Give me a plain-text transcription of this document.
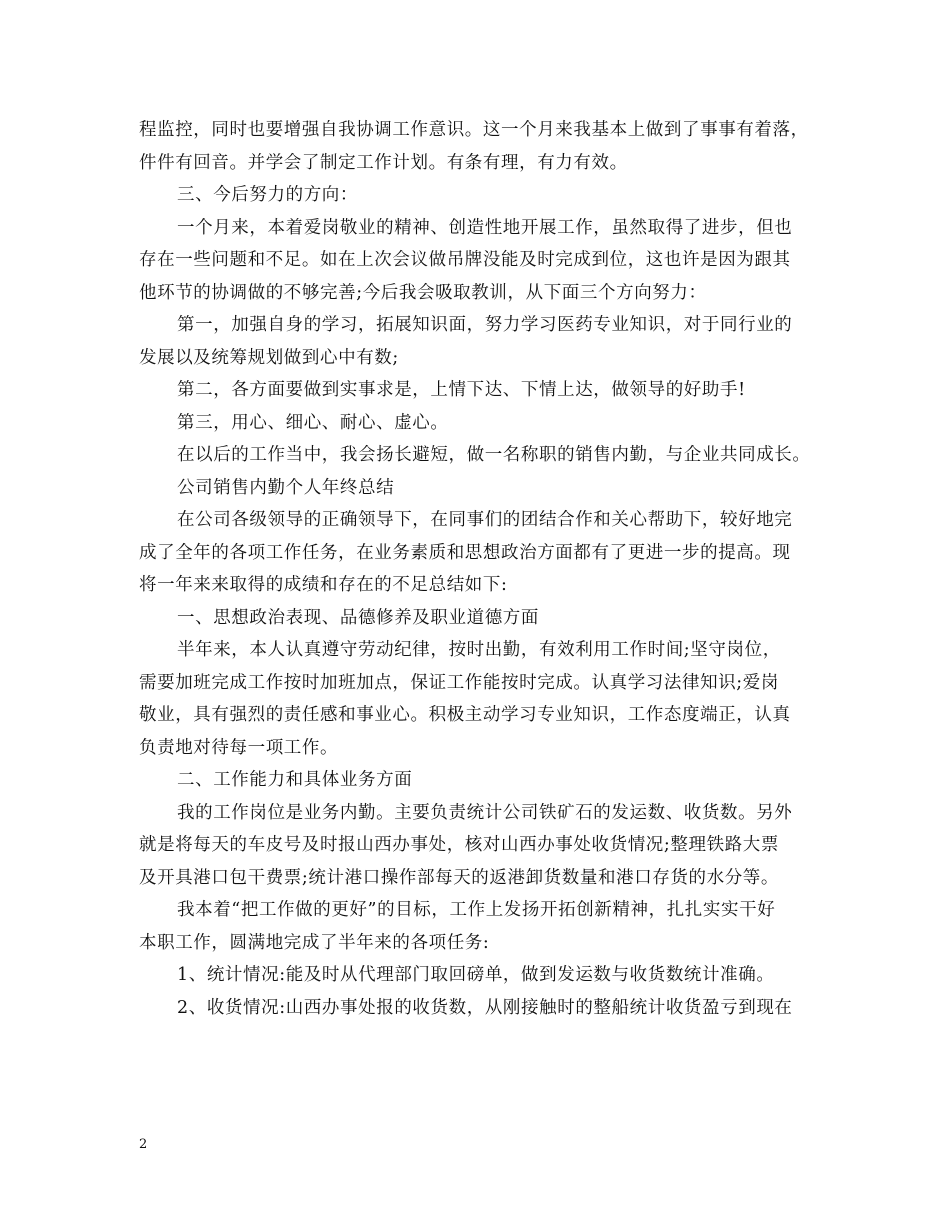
程监控，同时也要增强自我协调工作意识。这一个月来我基本上做到了事事有着落，
件件有回音。并学会了制定工作计划。有条有理，有力有效。
三、今后努力的方向：
一个月来，本着爱岗敬业的精神、创造性地开展工作，虽然取得了进步，但也
存在一些问题和不足。如在上次会议做吊牌没能及时完成到位，这也许是因为跟其
他环节的协调做的不够完善;今后我会吸取教训，从下面三个方向努力：
第一，加强自身的学习，拓展知识面，努力学习医药专业知识，对于同行业的
发展以及统筹规划做到心中有数;
第二，各方面要做到实事求是，上情下达、下情上达，做领导的好助手!
第三，用心、细心、耐心、虚心。
在以后的工作当中，我会扬长避短，做一名称职的销售内勤，与企业共同成长。
公司销售内勤个人年终总结
在公司各级领导的正确领导下，在同事们的团结合作和关心帮助下，较好地完
成了全年的各项工作任务，在业务素质和思想政治方面都有了更进一步的提高。现
将一年来来取得的成绩和存在的不足总结如下:
一、思想政治表现、品德修养及职业道德方面
半年来，本人认真遵守劳动纪律，按时出勤，有效利用工作时间;坚守岗位，
需要加班完成工作按时加班加点，保证工作能按时完成。认真学习法律知识;爱岗
敬业，具有强烈的责任感和事业心。积极主动学习专业知识，工作态度端正，认真
负责地对待每一项工作。
二、工作能力和具体业务方面
我的工作岗位是业务内勤。主要负责统计公司铁矿石的发运数、收货数。另外
就是将每天的车皮号及时报山西办事处，核对山西办事处收货情况;整理铁路大票
及开具港口包干费票;统计港口操作部每天的返港卸货数量和港口存货的水分等。
我本着“把工作做的更好”的目标，工作上发扬开拓创新精神，扎扎实实干好
本职工作，圆满地完成了半年来的各项任务:
1、统计情况:能及时从代理部门取回磅单，做到发运数与收货数统计准确。
2、收货情况:山西办事处报的收货数，从刚接触时的整船统计收货盈亏到现在
2
